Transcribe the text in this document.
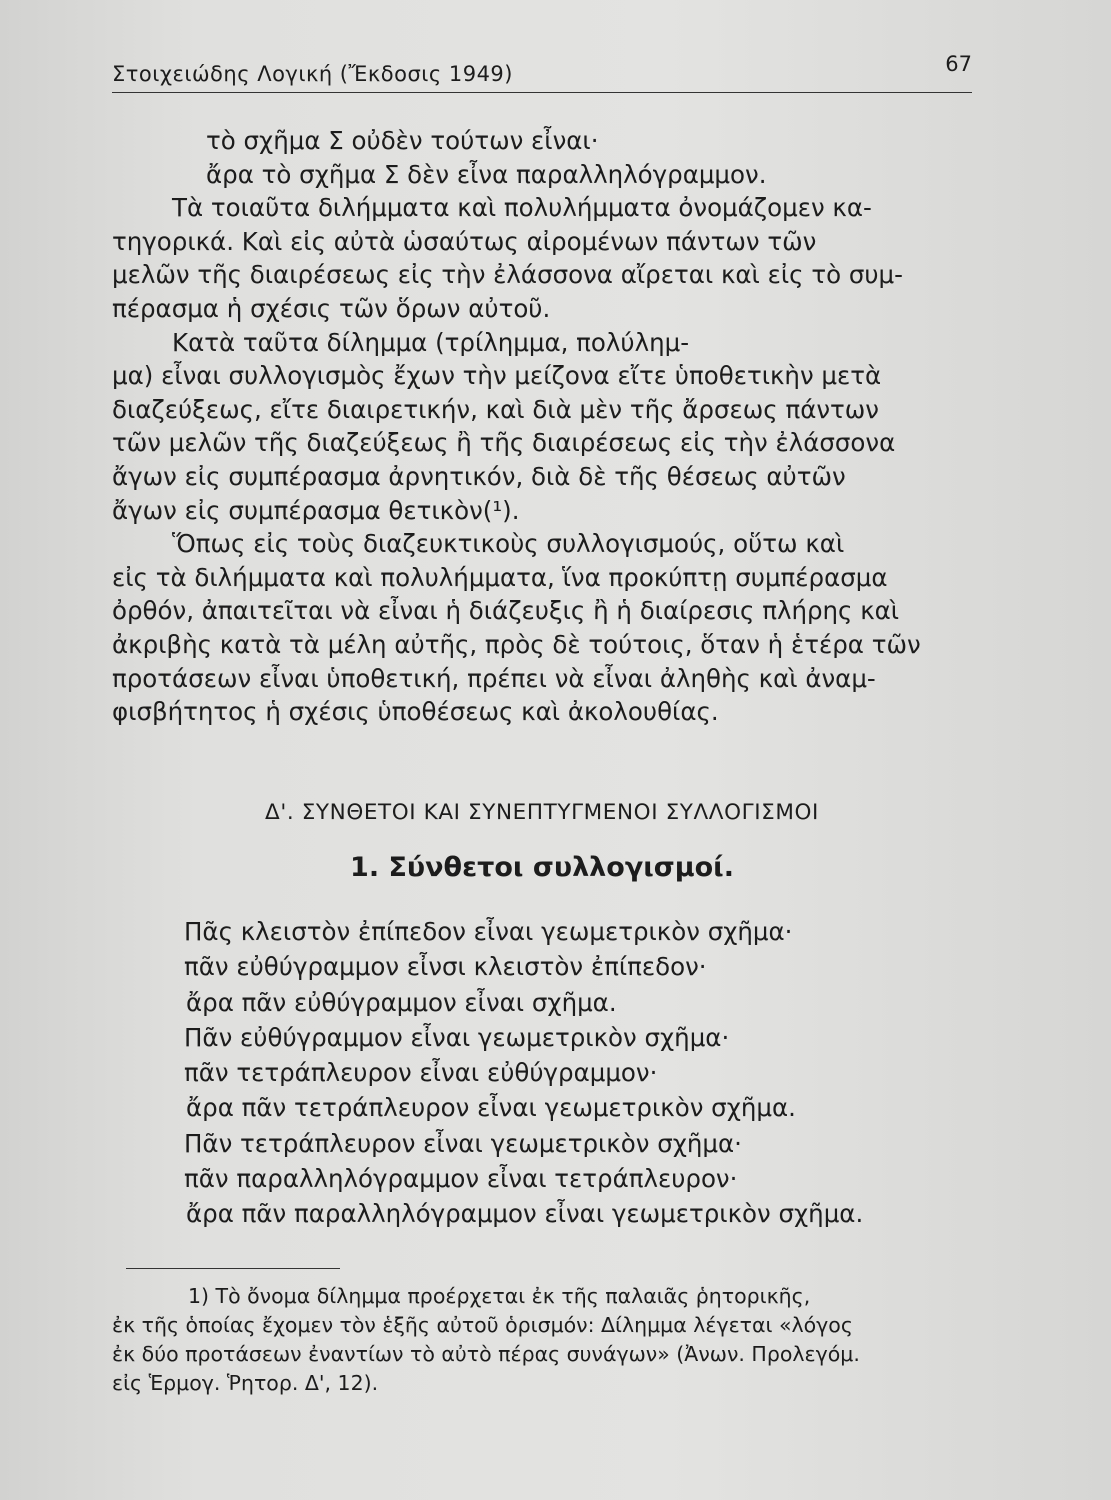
Στοιχειώδης Λογική (Ἔκδοσις 1949)	67
τὸ σχῆμα Σ οὐδὲν τούτων εἶναι·
ἄρα τὸ σχῆμα Σ δὲν εἶνα παραλληλόγραμμον.
Τὰ τοιαῦτα διλήμματα καὶ πολυλήμματα ὀνομάζομεν κα-
τηγορικά. Καὶ εἰς αὐτὰ ὡσαύτως αἰρομένων πάντων τῶν
μελῶν τῆς διαιρέσεως εἰς τὴν ἐλάσσονα αἴρεται καὶ εἰς τὸ συμ-
πέρασμα ἡ σχέσις τῶν ὅρων αὐτοῦ.
Κατὰ ταῦτα δίλημμα (τρίλημμα, πολύλημ-
μα) εἶναι συλλογισμὸς ἔχων τὴν μείζονα εἴτε ὑποθετικὴν μετὰ
διαζεύξεως, εἴτε διαιρετικήν, καὶ διὰ μὲν τῆς ἄρσεως πάντων
τῶν μελῶν τῆς διαζεύξεως ἢ τῆς διαιρέσεως εἰς τὴν ἐλάσσονα
ἄγων εἰς συμπέρασμα ἀρνητικόν, διὰ δὲ τῆς θέσεως αὐτῶν
ἄγων εἰς συμπέρασμα θετικὸν(¹).
Ὅπως εἰς τοὺς διαζευκτικοὺς συλλογισμούς, οὕτω καὶ
εἰς τὰ διλήμματα καὶ πολυλήμματα, ἵνα προκύπτῃ συμπέρασμα
ὀρθόν, ἀπαιτεῖται νὰ εἶναι ἡ διάζευξις ἢ ἡ διαίρεσις πλήρης καὶ
ἀκριβὴς κατὰ τὰ μέλη αὐτῆς, πρὸς δὲ τούτοις, ὅταν ἡ ἑτέρα τῶν
προτάσεων εἶναι ὑποθετική, πρέπει νὰ εἶναι ἀληθὴς καὶ ἀναμ-
φισβήτητος ἡ σχέσις ὑποθέσεως καὶ ἀκολουθίας.
Δ'. ΣΥΝΘΕΤΟΙ ΚΑΙ ΣΥΝΕΠΤΥΓΜΕΝΟΙ ΣΥΛΛΟΓΙΣΜΟΙ
1. Σύνθετοι συλλογισμοί.
Πᾶς κλειστὸν ἐπίπεδον εἶναι γεωμετρικὸν σχῆμα·
πᾶν εὐθύγραμμον εἶνσι κλειστὸν ἐπίπεδον·
ἄρα πᾶν εὐθύγραμμον εἶναι σχῆμα.
Πᾶν εὐθύγραμμον εἶναι γεωμετρικὸν σχῆμα·
πᾶν τετράπλευρον εἶναι εὐθύγραμμον·
ἄρα πᾶν τετράπλευρον εἶναι γεωμετρικὸν σχῆμα.
Πᾶν τετράπλευρον εἶναι γεωμετρικὸν σχῆμα·
πᾶν παραλληλόγραμμον εἶναι τετράπλευρον·
ἄρα πᾶν παραλληλόγραμμον εἶναι γεωμετρικὸν σχῆμα.
1) Τὸ ὄνομα δίλημμα προέρχεται ἐκ τῆς παλαιᾶς ῥητορικῆς,
ἐκ τῆς ὁποίας ἔχομεν τὸν ἑξῆς αὐτοῦ ὁρισμόν: Δίλημμα λέγεται «λόγος
ἐκ δύο προτάσεων ἐναντίων τὸ αὐτὸ πέρας συνάγων» (Ἀνων. Προλεγόμ.
εἰς Ἑρμογ. Ῥητορ. Δ', 12).
